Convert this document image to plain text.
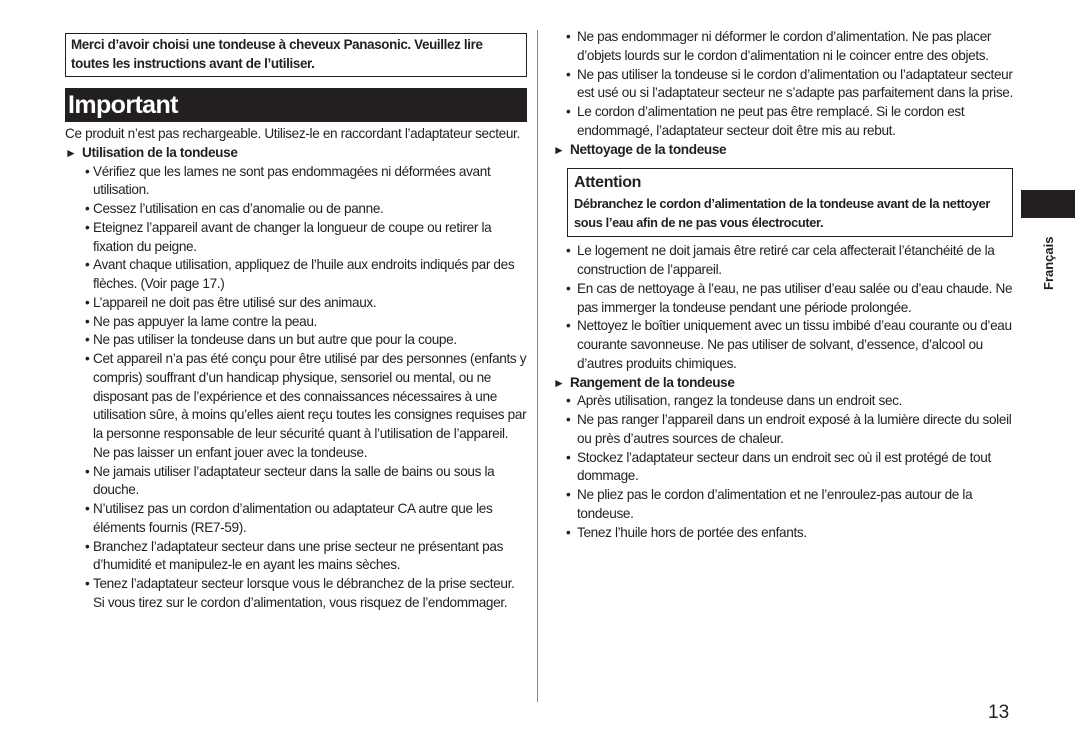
Merci d’avoir choisi une tondeuse à cheveux Panasonic. Veuillez lire toutes les instructions avant de l’utiliser.
Important
Ce produit n’est pas rechargeable. Utilisez-le en raccordant l’adaptateur secteur.
► Utilisation de la tondeuse
• Vérifiez que les lames ne sont pas endommagées ni déformées avant utilisation.
• Cessez l’utilisation en cas d’anomalie ou de panne.
• Eteignez l’appareil avant de changer la longueur de coupe ou retirer la fixation du peigne.
• Avant chaque utilisation, appliquez de l’huile aux endroits indiqués par des flèches. (Voir page 17.)
• L’appareil ne doit pas être utilisé sur des animaux.
• Ne pas appuyer la lame contre la peau.
• Ne pas utiliser la tondeuse dans un but autre que pour la coupe.
• Cet appareil n’a pas été conçu pour être utilisé par des personnes (enfants y compris) souffrant d’un handicap physique, sensoriel ou mental, ou ne disposant pas de l’expérience et des connaissances nécessaires à une utilisation sûre, à moins qu’elles aient reçu toutes les consignes requises par la personne responsable de leur sécurité quant à l’utilisation de l’appareil. Ne pas laisser un enfant jouer avec la tondeuse.
• Ne jamais utiliser l’adaptateur secteur dans la salle de bains ou sous la douche.
• N’utilisez pas un cordon d’alimentation ou adaptateur CA autre que les éléments fournis (RE7-59).
• Branchez l’adaptateur secteur dans une prise secteur ne présentant pas d’humidité et manipulez-le en ayant les mains sèches.
• Tenez l’adaptateur secteur lorsque vous le débranchez de la prise secteur. Si vous tirez sur le cordon d’alimentation, vous risquez de l’endommager.
• Ne pas endommager ni déformer le cordon d’alimentation. Ne pas placer d’objets lourds sur le cordon d’alimentation ni le coincer entre des objets.
• Ne pas utiliser la tondeuse si le cordon d’alimentation ou l’adaptateur secteur est usé ou si l’adaptateur secteur ne s’adapte pas parfaitement dans la prise.
• Le cordon d’alimentation ne peut pas être remplacé. Si le cordon est endommagé, l’adaptateur secteur doit être mis au rebut.
► Nettoyage de la tondeuse
Attention
Débranchez le cordon d’alimentation de la tondeuse avant de la nettoyer sous l’eau afin de ne pas vous électrocuter.
• Le logement ne doit jamais être retiré car cela affecterait l’étanchéité de la construction de l’appareil.
• En cas de nettoyage à l’eau, ne pas utiliser d’eau salée ou d’eau chaude. Ne pas immerger la tondeuse pendant une période prolongée.
• Nettoyez le boîtier uniquement avec un tissu imbibé d’eau courante ou d’eau courante savonneuse. Ne pas utiliser de solvant, d’essence, d’alcool ou d’autres produits chimiques.
► Rangement de la tondeuse
• Après utilisation, rangez la tondeuse dans un endroit sec.
• Ne pas ranger l’appareil dans un endroit exposé à la lumière directe du soleil ou près d’autres sources de chaleur.
• Stockez l’adaptateur secteur dans un endroit sec où il est protégé de tout dommage.
• Ne pliez pas le cordon d’alimentation et ne l’enroulez-pas autour de la tondeuse.
• Tenez l’huile hors de portée des enfants.
Français
13
